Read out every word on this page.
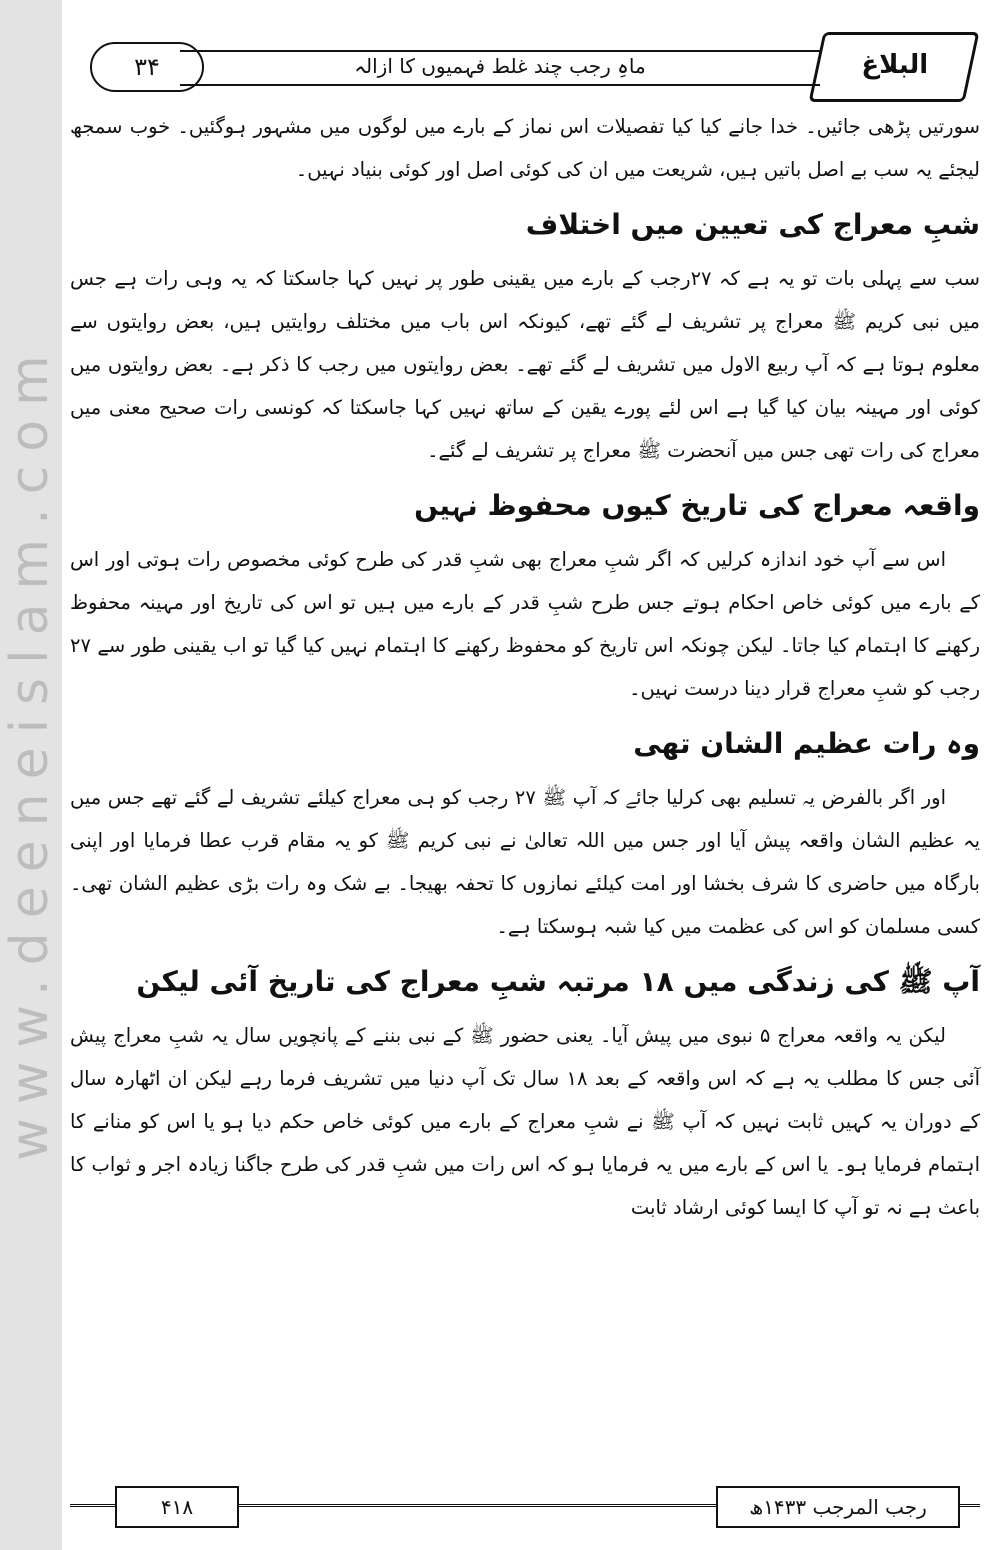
www.deeneislam.com
ماہِ رجب چند غلط فہمیوں کا ازالہ
۳۴	البلاغ

سورتیں پڑھی جائیں۔ خدا جانے کیا کیا تفصیلات اس نماز کے بارے میں لوگوں میں مشہور ہوگئیں۔ خوب سمجھ لیجئے یہ سب بے اصل باتیں ہیں، شریعت میں ان کی کوئی اصل اور کوئی بنیاد نہیں۔

شبِ معراج کی تعیین میں اختلاف

سب سے پہلی بات تو یہ ہے کہ ۲۷رجب کے بارے میں یقینی طور پر نہیں کہا جاسکتا کہ یہ وہی رات ہے جس میں نبی کریم ﷺ معراج پر تشریف لے گئے تھے، کیونکہ اس باب میں مختلف روایتیں ہیں، بعض روایتوں سے معلوم ہوتا ہے کہ آپ ربیع الاول میں تشریف لے گئے تھے۔ بعض روایتوں میں رجب کا ذکر ہے۔ بعض روایتوں میں کوئی اور مہینہ بیان کیا گیا ہے اس لئے پورے یقین کے ساتھ نہیں کہا جاسکتا کہ کونسی رات صحیح معنی میں معراج کی رات تھی جس میں آنحضرت ﷺ معراج پر تشریف لے گئے۔

واقعہ معراج کی تاریخ کیوں محفوظ نہیں

اس سے آپ خود اندازہ کرلیں کہ اگر شبِ معراج بھی شبِ قدر کی طرح کوئی مخصوص رات ہوتی اور اس کے بارے میں کوئی خاص احکام ہوتے جس طرح شبِ قدر کے بارے میں ہیں تو اس کی تاریخ اور مہینہ محفوظ رکھنے کا اہتمام کیا جاتا۔ لیکن چونکہ اس تاریخ کو محفوظ رکھنے کا اہتمام نہیں کیا گیا تو اب یقینی طور سے ۲۷ رجب کو شبِ معراج قرار دینا درست نہیں۔

وہ رات عظیم الشان تھی

اور اگر بالفرض یہ تسلیم بھی کرلیا جائے کہ آپ ﷺ ۲۷ رجب کو ہی معراج کیلئے تشریف لے گئے تھے جس میں یہ عظیم الشان واقعہ پیش آیا اور جس میں اللہ تعالیٰ نے نبی کریم ﷺ کو یہ مقام قرب عطا فرمایا اور اپنی بارگاہ میں حاضری کا شرف بخشا اور امت کیلئے نمازوں کا تحفہ بھیجا۔ بے شک وہ رات بڑی عظیم الشان تھی۔ کسی مسلمان کو اس کی عظمت میں کیا شبہ ہوسکتا ہے۔

آپ ﷺ کی زندگی میں ۱۸ مرتبہ شبِ معراج کی تاریخ آئی لیکن

لیکن یہ واقعہ معراج ۵ نبوی میں پیش آیا۔ یعنی حضور ﷺ کے نبی بننے کے پانچویں سال یہ شبِ معراج پیش آئی جس کا مطلب یہ ہے کہ اس واقعہ کے بعد ۱۸ سال تک آپ دنیا میں تشریف فرما رہے لیکن ان اٹھارہ سال کے دوران یہ کہیں ثابت نہیں کہ آپ ﷺ نے شبِ معراج کے بارے میں کوئی خاص حکم دیا ہو یا اس کو منانے کا اہتمام فرمایا ہو۔ یا اس کے بارے میں یہ فرمایا ہو کہ اس رات میں شبِ قدر کی طرح جاگنا زیادہ اجر و ثواب کا باعث ہے نہ تو آپ کا ایسا کوئی ارشاد ثابت

۴۱۸	رجب المرجب ۱۴۳۳ھ
